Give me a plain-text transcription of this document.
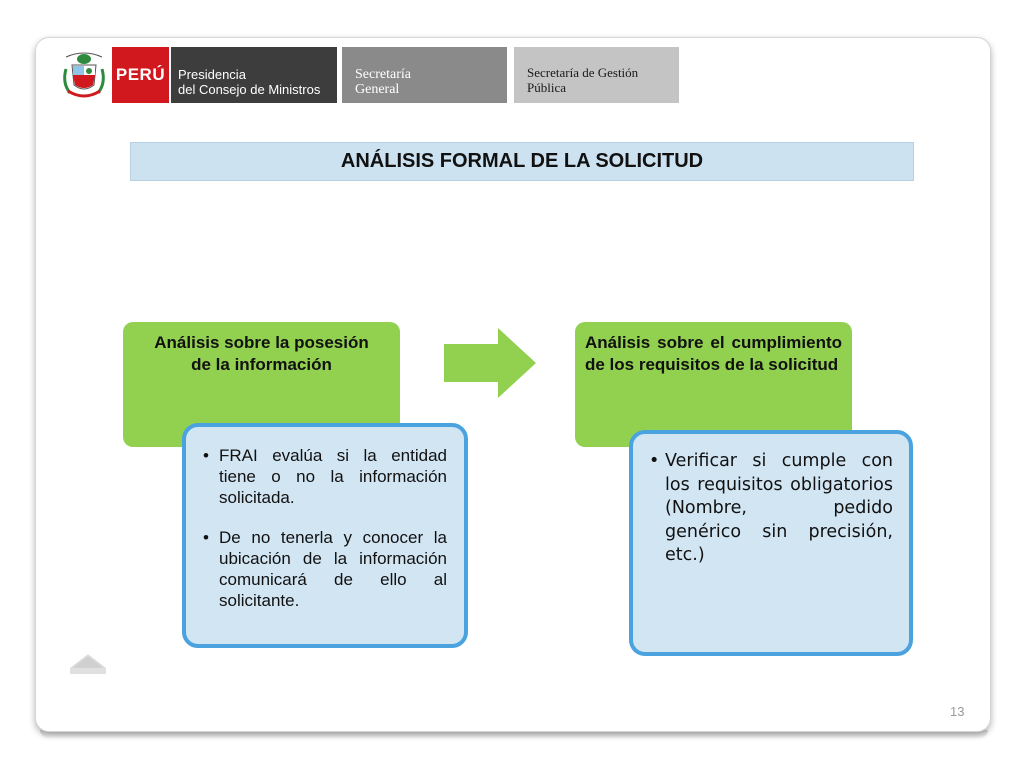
PERÚ Presidencia
del Consejo de Ministros
Secretaría
General
Secretaría de Gestión
Pública
ANÁLISIS FORMAL DE LA SOLICITUD
Análisis sobre la posesión de la información
Análisis sobre el cumplimiento de los requisitos de la solicitud
• FRAI evalúa si la entidad tiene o no la información solicitada.
• De no tenerla y conocer la ubicación de la información comunicará de ello al solicitante.
• Verificar si cumple con los requisitos obligatorios (Nombre, pedido genérico sin precisión, etc.)
13
